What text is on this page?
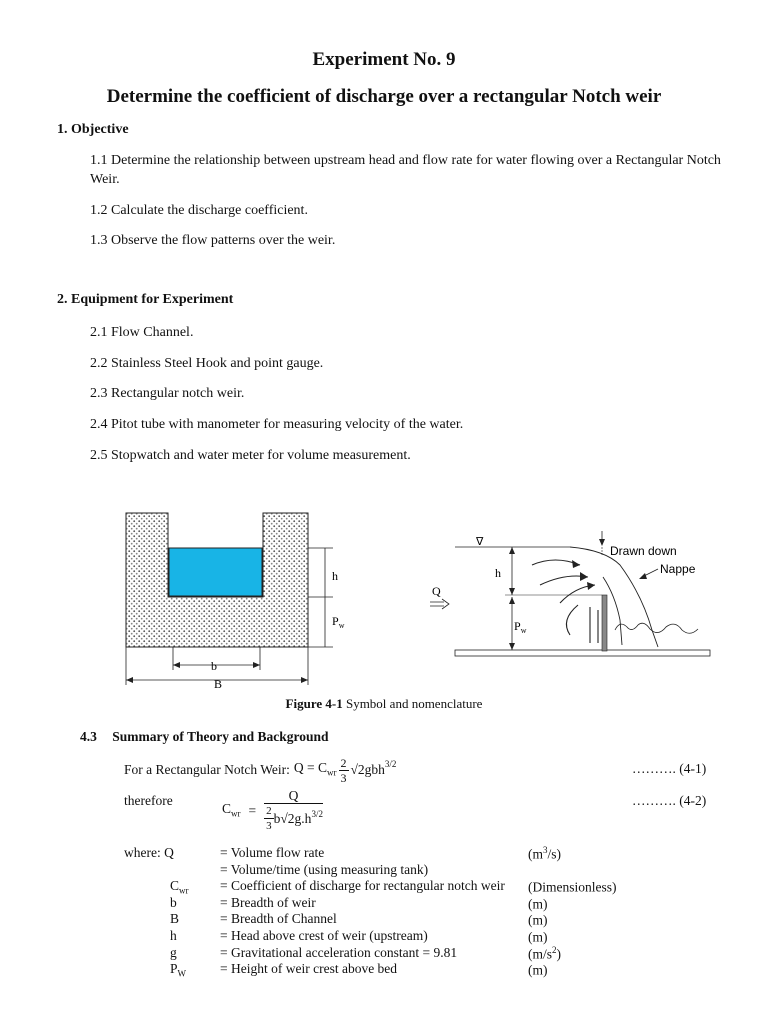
Experiment No. 9
Determine the coefficient of discharge over a rectangular Notch weir
1. Objective
1.1 Determine the relationship between upstream head and flow rate for water flowing over a Rectangular Notch Weir.
1.2 Calculate the discharge coefficient.
1.3 Observe the flow patterns over the weir.
2. Equipment for Experiment
2.1 Flow Channel.
2.2 Stainless Steel Hook and point gauge.
2.3 Rectangular notch weir.
2.4 Pitot tube with manometer for measuring velocity of the water.
2.5 Stopwatch and water meter for volume measurement.
h
$P_w$
b
B
∇
h
$P_w$
Q
Drawn down
Nappe
Figure 4-1 Symbol and nomenclature
4.3 Summary of Theory and Background
For a Rectangular Notch Weir: $Q = C_{wr} \frac{2}{3} √2gbh^{3/2}$	………. (4-1)
therefore
$C_{wr} = \frac{Q}{\frac{2}{3} b√2g.h^{3/2}}$	………. (4-2)
where: Q	= Volume flow rate	$(m^3/s)$
= Volume/time (using measuring tank)
$C_{wr}$ = Coefficient of discharge for rectangular notch weir (Dimensionless)
b	= Breadth of weir	(m)
B	= Breadth of Channel	(m)
h	= Head above crest of weir (upstream)	(m)
g	= Gravitational acceleration constant = 9.81	$(m/s^2)$
$P_W$	= Height of weir crest above bed	(m)
